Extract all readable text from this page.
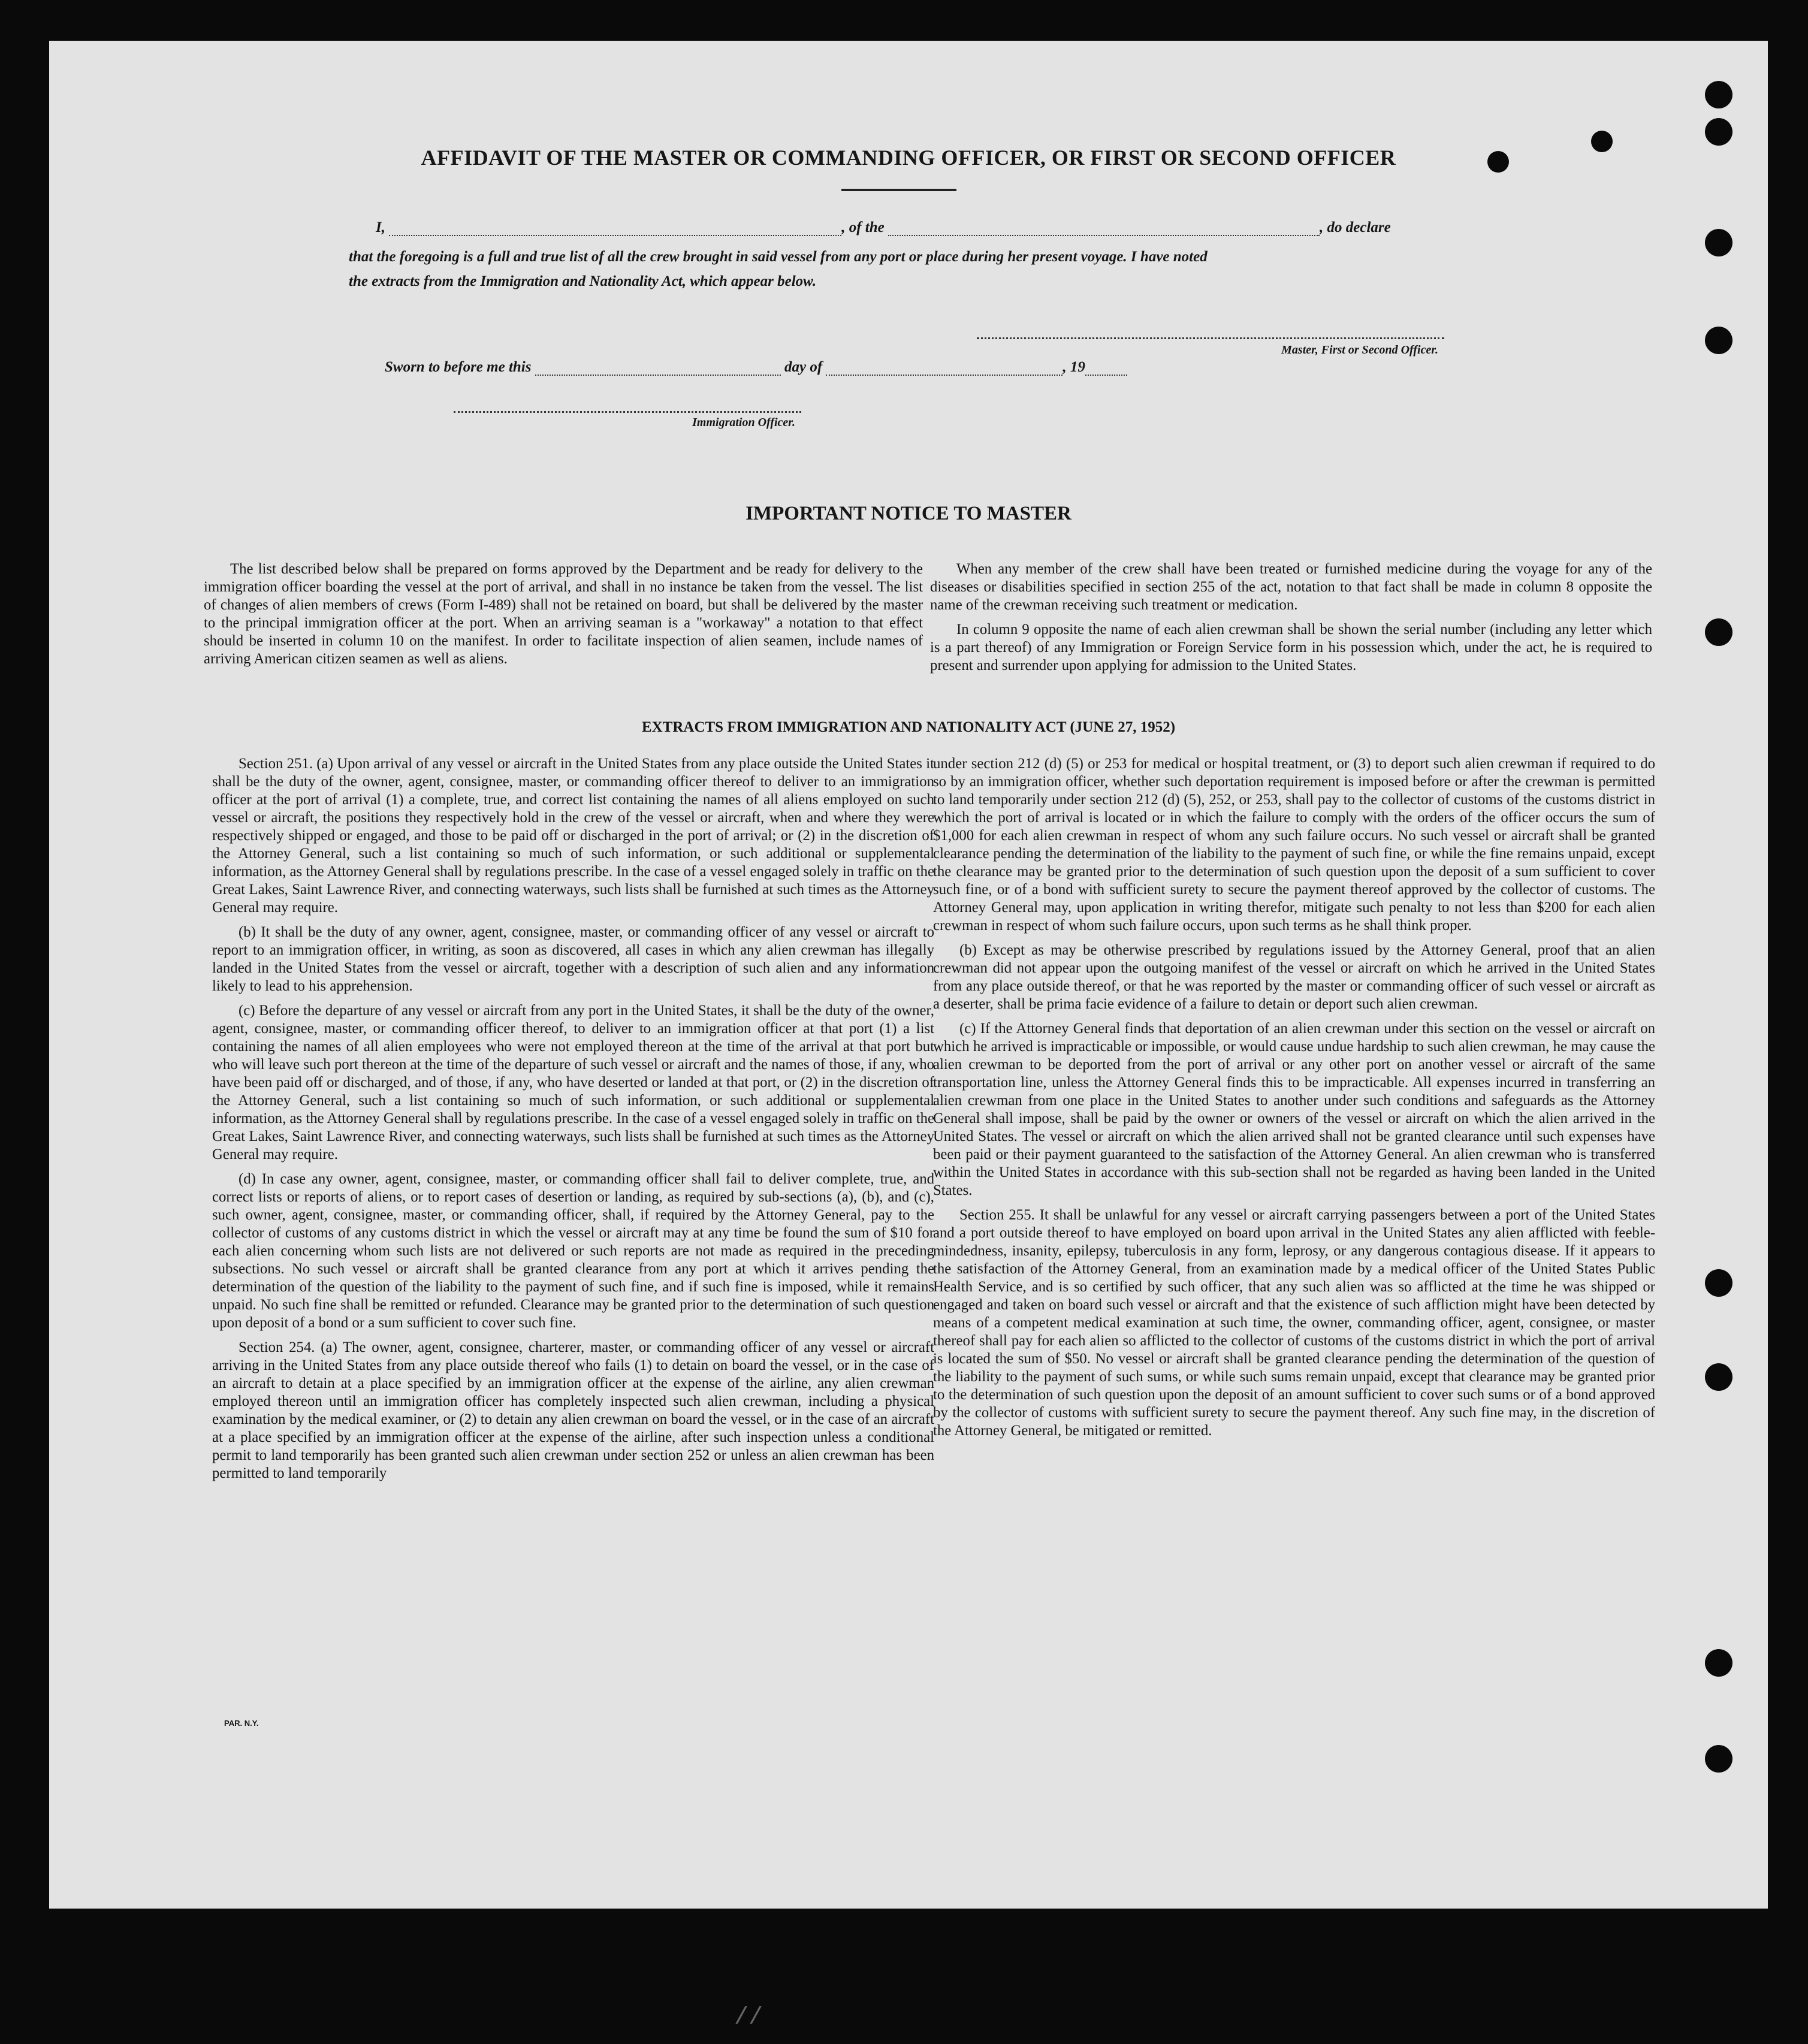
AFFIDAVIT OF THE MASTER OR COMMANDING OFFICER, OR FIRST OR SECOND OFFICER
I,	, of the	, do declare
that the foregoing is a full and true list of all the crew brought in said vessel from any port or place during her present voyage. I have noted
the extracts from the Immigration and Nationality Act, which appear below.
Master, First or Second Officer.
Sworn to before me this	day of	, 19
Immigration Officer.
IMPORTANT NOTICE TO MASTER

The list described below shall be prepared on forms approved by the Department and be ready for delivery to the immigration officer boarding the vessel at the port of arrival, and shall in no instance be taken from the vessel. The list of changes of alien members of crews (Form I-489) shall not be retained on board, but shall be delivered by the master to the principal immigration officer at the port. When an arriving seaman is a "workaway" a notation to that effect should be inserted in column 10 on the manifest. In order to facilitate inspection of alien seamen, include names of arriving American citizen seamen as well as aliens.

When any member of the crew shall have been treated or furnished medicine during the voyage for any of the diseases or disabilities specified in section 255 of the act, notation to that fact shall be made in column 8 opposite the name of the crewman receiving such treatment or medication.

In column 9 opposite the name of each alien crewman shall be shown the serial number (including any letter which is a part thereof) of any Immigration or Foreign Service form in his possession which, under the act, he is required to present and surrender upon applying for admission to the United States.

EXTRACTS FROM IMMIGRATION AND NATIONALITY ACT (JUNE 27, 1952)

Section 251. (a) Upon arrival of any vessel or aircraft in the United States from any place outside the United States it shall be the duty of the owner, agent, consignee, master, or commanding officer thereof to deliver to an immigration officer at the port of arrival (1) a complete, true, and correct list containing the names of all aliens employed on such vessel or aircraft, the positions they respectively hold in the crew of the vessel or aircraft, when and where they were respectively shipped or engaged, and those to be paid off or discharged in the port of arrival; or (2) in the discretion of the Attorney General, such a list containing so much of such information, or such additional or supplemental information, as the Attorney General shall by regulations prescribe. In the case of a vessel engaged solely in traffic on the Great Lakes, Saint Lawrence River, and connecting waterways, such lists shall be furnished at such times as the Attorney General may require.

(b) It shall be the duty of any owner, agent, consignee, master, or commanding officer of any vessel or aircraft to report to an immigration officer, in writing, as soon as discovered, all cases in which any alien crewman has illegally landed in the United States from the vessel or aircraft, together with a description of such alien and any information likely to lead to his apprehension.

(c) Before the departure of any vessel or aircraft from any port in the United States, it shall be the duty of the owner, agent, consignee, master, or commanding officer thereof, to deliver to an immigration officer at that port (1) a list containing the names of all alien employees who were not employed thereon at the time of the arrival at that port but who will leave such port thereon at the time of the departure of such vessel or aircraft and the names of those, if any, who have been paid off or discharged, and of those, if any, who have deserted or landed at that port, or (2) in the discretion of the Attorney General, such a list containing so much of such information, or such additional or supplemental information, as the Attorney General shall by regulations prescribe. In the case of a vessel engaged solely in traffic on the Great Lakes, Saint Lawrence River, and connecting waterways, such lists shall be furnished at such times as the Attorney General may require.

(d) In case any owner, agent, consignee, master, or commanding officer shall fail to deliver complete, true, and correct lists or reports of aliens, or to report cases of desertion or landing, as required by sub-sections (a), (b), and (c), such owner, agent, consignee, master, or commanding officer, shall, if required by the Attorney General, pay to the collector of customs of any customs district in which the vessel or aircraft may at any time be found the sum of $10 for each alien concerning whom such lists are not delivered or such reports are not made as required in the preceding subsections. No such vessel or aircraft shall be granted clearance from any port at which it arrives pending the determination of the question of the liability to the payment of such fine, and if such fine is imposed, while it remains unpaid. No such fine shall be remitted or refunded. Clearance may be granted prior to the determination of such question upon deposit of a bond or a sum sufficient to cover such fine.

Section 254. (a) The owner, agent, consignee, charterer, master, or commanding officer of any vessel or aircraft arriving in the United States from any place outside thereof who fails (1) to detain on board the vessel, or in the case of an aircraft to detain at a place specified by an immigration officer at the expense of the airline, any alien crewman employed thereon until an immigration officer has completely inspected such alien crewman, including a physical examination by the medical examiner, or (2) to detain any alien crewman on board the vessel, or in the case of an aircraft at a place specified by an immigration officer at the expense of the airline, after such inspection unless a conditional permit to land temporarily has been granted such alien crewman under section 252 or unless an alien crewman has been permitted to land temporarily

under section 212 (d) (5) or 253 for medical or hospital treatment, or (3) to deport such alien crewman if required to do so by an immigration officer, whether such deportation requirement is imposed before or after the crewman is permitted to land temporarily under section 212 (d) (5), 252, or 253, shall pay to the collector of customs of the customs district in which the port of arrival is located or in which the failure to comply with the orders of the officer occurs the sum of $1,000 for each alien crewman in respect of whom any such failure occurs. No such vessel or aircraft shall be granted clearance pending the determination of the liability to the payment of such fine, or while the fine remains unpaid, except the clearance may be granted prior to the determination of such question upon the deposit of a sum sufficient to cover such fine, or of a bond with sufficient surety to secure the payment thereof approved by the collector of customs. The Attorney General may, upon application in writing therefor, mitigate such penalty to not less than $200 for each alien crewman in respect of whom such failure occurs, upon such terms as he shall think proper.

(b) Except as may be otherwise prescribed by regulations issued by the Attorney General, proof that an alien crewman did not appear upon the outgoing manifest of the vessel or aircraft on which he arrived in the United States from any place outside thereof, or that he was reported by the master or commanding officer of such vessel or aircraft as a deserter, shall be prima facie evidence of a failure to detain or deport such alien crewman.

(c) If the Attorney General finds that deportation of an alien crewman under this section on the vessel or aircraft on which he arrived is impracticable or impossible, or would cause undue hardship to such alien crewman, he may cause the alien crewman to be deported from the port of arrival or any other port on another vessel or aircraft of the same transportation line, unless the Attorney General finds this to be impracticable. All expenses incurred in transferring an alien crewman from one place in the United States to another under such conditions and safeguards as the Attorney General shall impose, shall be paid by the owner or owners of the vessel or aircraft on which the alien arrived in the United States. The vessel or aircraft on which the alien arrived shall not be granted clearance until such expenses have been paid or their payment guaranteed to the satisfaction of the Attorney General. An alien crewman who is transferred within the United States in accordance with this sub-section shall not be regarded as having been landed in the United States.

Section 255. It shall be unlawful for any vessel or aircraft carrying passengers between a port of the United States and a port outside thereof to have employed on board upon arrival in the United States any alien afflicted with feeble-mindedness, insanity, epilepsy, tuberculosis in any form, leprosy, or any dangerous contagious disease. If it appears to the satisfaction of the Attorney General, from an examination made by a medical officer of the United States Public Health Service, and is so certified by such officer, that any such alien was so afflicted at the time he was shipped or engaged and taken on board such vessel or aircraft and that the existence of such affliction might have been detected by means of a competent medical examination at such time, the owner, commanding officer, agent, consignee, or master thereof shall pay for each alien so afflicted to the collector of customs of the customs district in which the port of arrival is located the sum of $50. No vessel or aircraft shall be granted clearance pending the determination of the question of the liability to the payment of such sums, or while such sums remain unpaid, except that clearance may be granted prior to the determination of such question upon the deposit of an amount sufficient to cover such sums or of a bond approved by the collector of customs with sufficient surety to secure the payment thereof. Any such fine may, in the discretion of the Attorney General, be mitigated or remitted.

PAR. N.Y.
//
